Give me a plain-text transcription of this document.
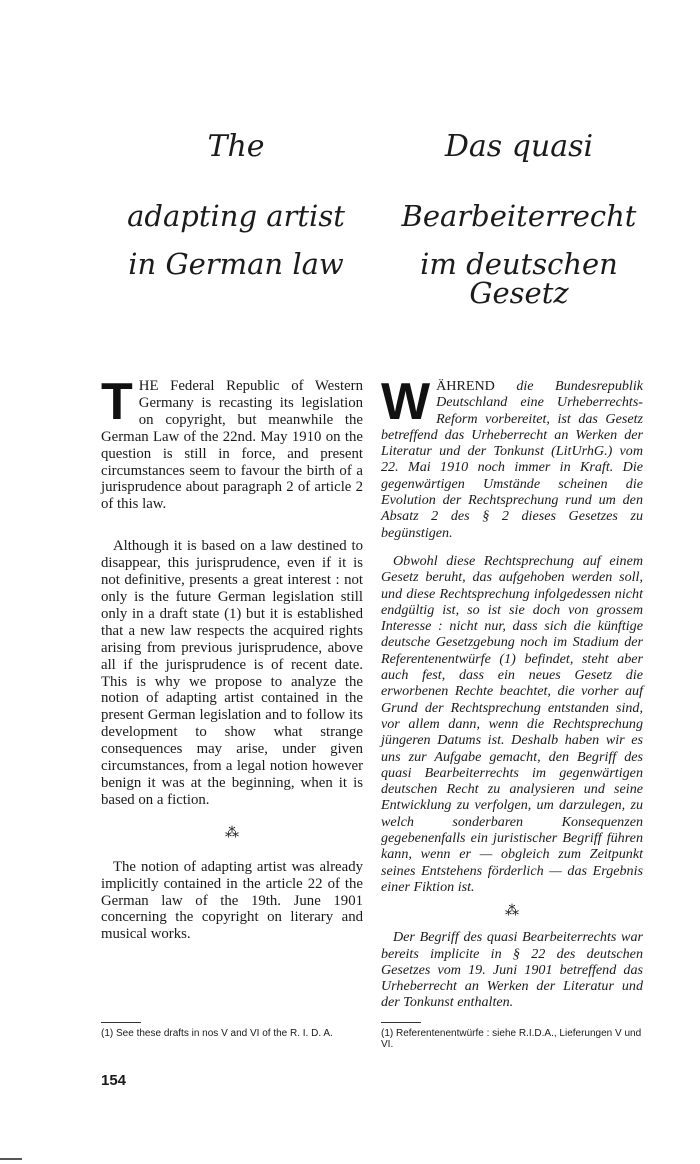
The
adapting artist
in German law
Das quasi
Bearbeiterrecht
im deutschen Gesetz

THE Federal Republic of Western Germany is recasting its legislation on copyright, but meanwhile the German Law of the 22nd. May 1910 on the question is still in force, and present circumstances seem to favour the birth of a jurisprudence about paragraph 2 of article 2 of this law.

Although it is based on a law destined to disappear, this jurisprudence, even if it is not definitive, presents a great interest : not only is the future German legislation still only in a draft state (1) but it is established that a new law respects the acquired rights arising from previous jurisprudence, above all if the jurisprudence is of recent date. This is why we propose to analyze the notion of adapting artist contained in the present German legislation and to follow its development to show what strange consequences may arise, under given circumstances, from a legal notion however benign it was at the beginning, when it is based on a fiction.

⁂

The notion of adapting artist was already implicitly contained in the article 22 of the German law of the 19th. June 1901 concerning the copyright on literary and musical works.

WÄHREND die Bundesrepublik Deutschland eine Urheberrechts-Reform vorbereitet, ist das Gesetz betreffend das Urheberrecht an Werken der Literatur und der Tonkunst (LitUrhG.) vom 22. Mai 1910 noch immer in Kraft. Die gegenwärtigen Umstände scheinen die Evolution der Rechtsprechung rund um den Absatz 2 des § 2 dieses Gesetzes zu begünstigen.

Obwohl diese Rechtsprechung auf einem Gesetz beruht, das aufgehoben werden soll, und diese Rechtsprechung infolgedessen nicht endgültig ist, so ist sie doch von grossem Interesse : nicht nur, dass sich die künftige deutsche Gesetzgebung noch im Stadium der Referentenentwürfe (1) befindet, steht aber auch fest, dass ein neues Gesetz die erworbenen Rechte beachtet, die vorher auf Grund der Rechtsprechung entstanden sind, vor allem dann, wenn die Rechtsprechung jüngeren Datums ist. Deshalb haben wir es uns zur Aufgabe gemacht, den Begriff des quasi Bearbeiterrechts im gegenwärtigen deutschen Recht zu analysieren und seine Entwicklung zu verfolgen, um darzulegen, zu welch sonderbaren Konsequenzen gegebenenfalls ein juristischer Begriff führen kann, wenn er — obgleich zum Zeitpunkt seines Entstehens förderlich — das Ergebnis einer Fiktion ist.

⁂

Der Begriff des quasi Bearbeiterrechts war bereits implicite in § 22 des deutschen Gesetzes vom 19. Juni 1901 betreffend das Urheberrecht an Werken der Literatur und der Tonkunst enthalten.

(1) See these drafts in nos V and VI of the R. I. D. A.	(1) Referentenentwürfe : siehe R.I.D.A., Lieferungen V und VI.
154
